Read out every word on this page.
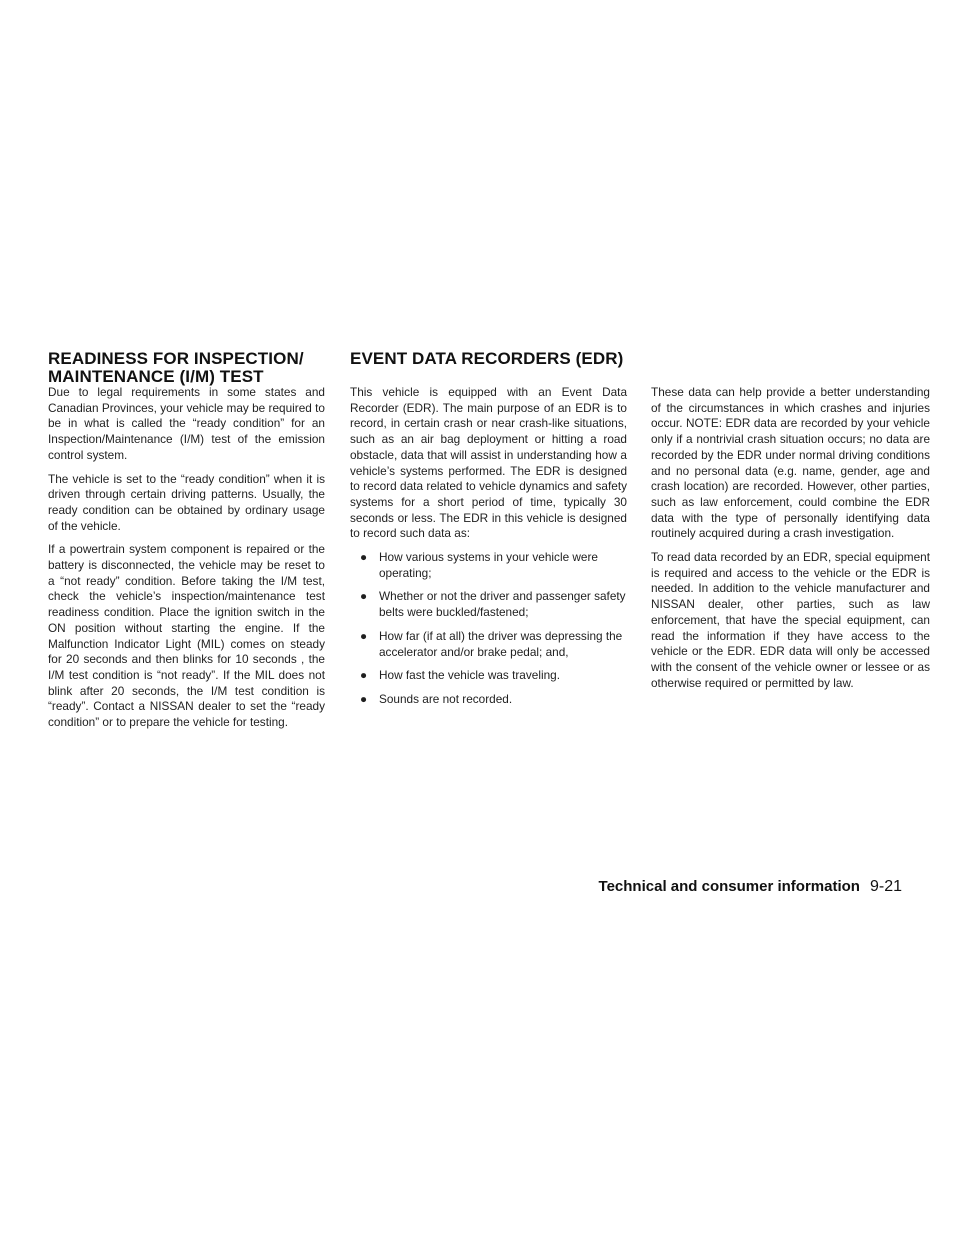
READINESS FOR INSPECTION/
MAINTENANCE (I/M) TEST
EVENT DATA RECORDERS (EDR)

Due to legal requirements in some states and Canadian Provinces, your vehicle may be required to be in what is called the “ready condition” for an Inspection/Maintenance (I/M) test of the emission control system.

The vehicle is set to the “ready condition” when it is driven through certain driving patterns. Usually, the ready condition can be obtained by ordinary usage of the vehicle.

If a powertrain system component is repaired or the battery is disconnected, the vehicle may be reset to a “not ready” condition. Before taking the I/M test, check the vehicle’s inspection/maintenance test readiness condition. Place the ignition switch in the ON position without starting the engine. If the Malfunction Indicator Light (MIL) comes on steady for 20 seconds and then blinks for 10 seconds , the I/M test condition is “not ready”. If the MIL does not blink after 20 seconds, the I/M test condition is “ready”. Contact a NISSAN dealer to set the “ready condition” or to prepare the vehicle for testing.

This vehicle is equipped with an Event Data Recorder (EDR). The main purpose of an EDR is to record, in certain crash or near crash-like situations, such as an air bag deployment or hitting a road obstacle, data that will assist in understanding how a vehicle’s systems performed. The EDR is designed to record data related to vehicle dynamics and safety systems for a short period of time, typically 30 seconds or less. The EDR in this vehicle is designed to record such data as:

● How various systems in your vehicle were operating;
● Whether or not the driver and passenger safety belts were buckled/fastened;
● How far (if at all) the driver was depressing the accelerator and/or brake pedal; and,
● How fast the vehicle was traveling.
● Sounds are not recorded.

These data can help provide a better understanding of the circumstances in which crashes and injuries occur. NOTE: EDR data are recorded by your vehicle only if a nontrivial crash situation occurs; no data are recorded by the EDR under normal driving conditions and no personal data (e.g. name, gender, age and crash location) are recorded. However, other parties, such as law enforcement, could combine the EDR data with the type of personally identifying data routinely acquired during a crash investigation.

To read data recorded by an EDR, special equipment is required and access to the vehicle or the EDR is needed. In addition to the vehicle manufacturer and NISSAN dealer, other parties, such as law enforcement, that have the special equipment, can read the information if they have access to the vehicle or the EDR. EDR data will only be accessed with the consent of the vehicle owner or lessee or as otherwise required or permitted by law.

Technical and consumer information 9-21
